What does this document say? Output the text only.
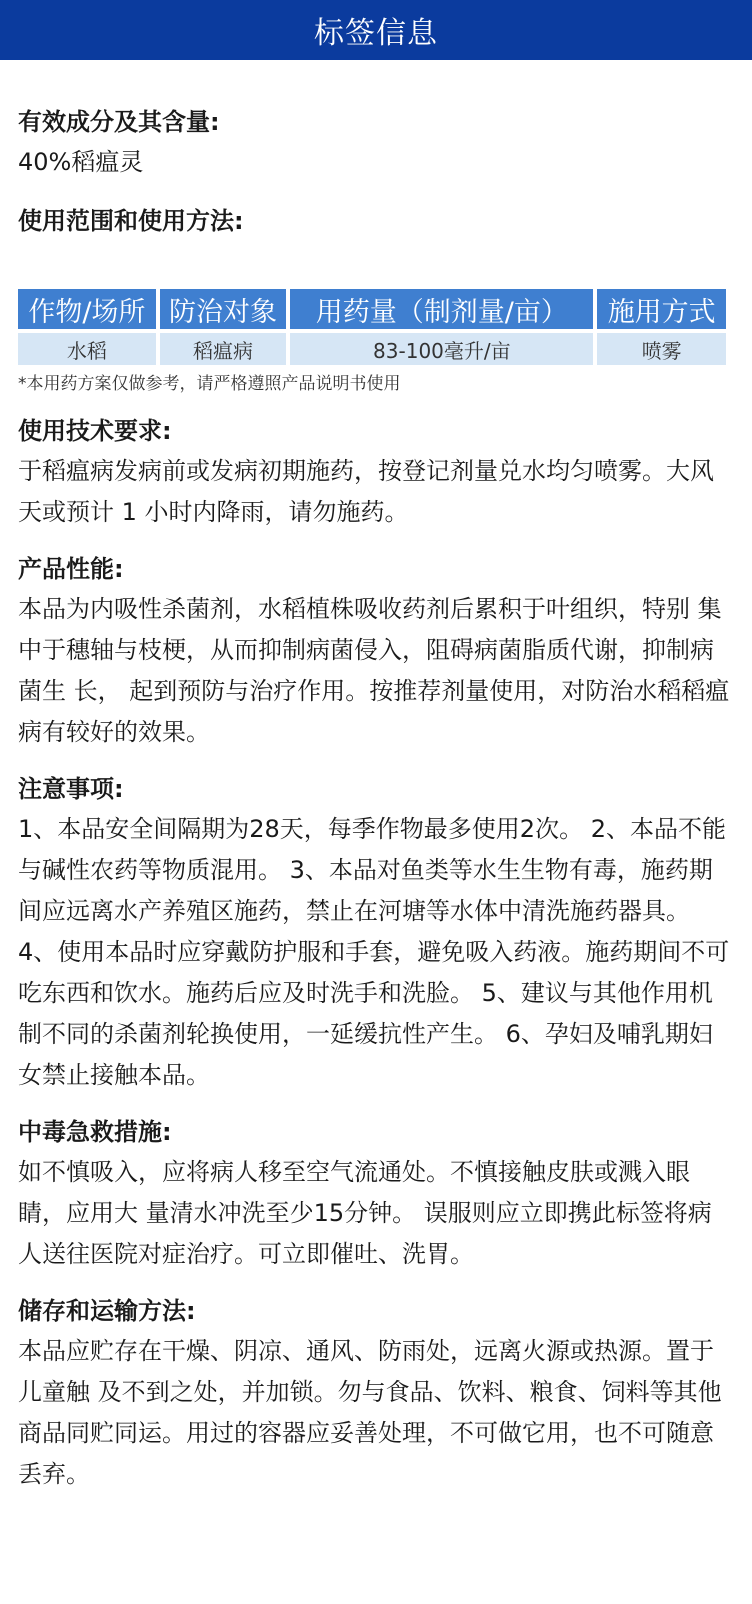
标签信息

有效成分及其含量:

40%稻瘟灵

使用范围和使用方法:

作物/场所	防治对象	用药量（制剂量/亩）	施用方式
水稻	稻瘟病	83-100毫升/亩	喷雾

*本用药方案仅做参考，请严格遵照产品说明书使用

使用技术要求:

于稻瘟病发病前或发病初期施药，按登记剂量兑水均匀喷雾。大风天或预计 1 小时内降雨，请勿施药。

产品性能:

本品为内吸性杀菌剂，水稻植株吸收药剂后累积于叶组织，特别 集中于穗轴与枝梗，从而抑制病菌侵入，阻碍病菌脂质代谢，抑制病菌生 长， 起到预防与治疗作用。按推荐剂量使用，对防治水稻稻瘟病有较好的效果。

注意事项:

1、本品安全间隔期为28天，每季作物最多使用2次。 2、本品不能与碱性农药等物质混用。 3、本品对鱼类等水生生物有毒，施药期间应远离水产养殖区施药，禁止在河塘等水体中清洗施药器具。 4、使用本品时应穿戴防护服和手套，避免吸入药液。施药期间不可吃东西和饮水。施药后应及时洗手和洗脸。 5、建议与其他作用机制不同的杀菌剂轮换使用，一延缓抗性产生。 6、孕妇及哺乳期妇女禁止接触本品。

中毒急救措施:

如不慎吸入，应将病人移至空气流通处。不慎接触皮肤或溅入眼睛，应用大 量清水冲洗至少15分钟。 误服则应立即携此标签将病人送往医院对症治疗。可立即催吐、洗胃。

储存和运输方法:

本品应贮存在干燥、阴凉、通风、防雨处，远离火源或热源。置于儿童触 及不到之处，并加锁。勿与食品、饮料、粮食、饲料等其他商品同贮同运。用过的容器应妥善处理，不可做它用，也不可随意丢弃。
